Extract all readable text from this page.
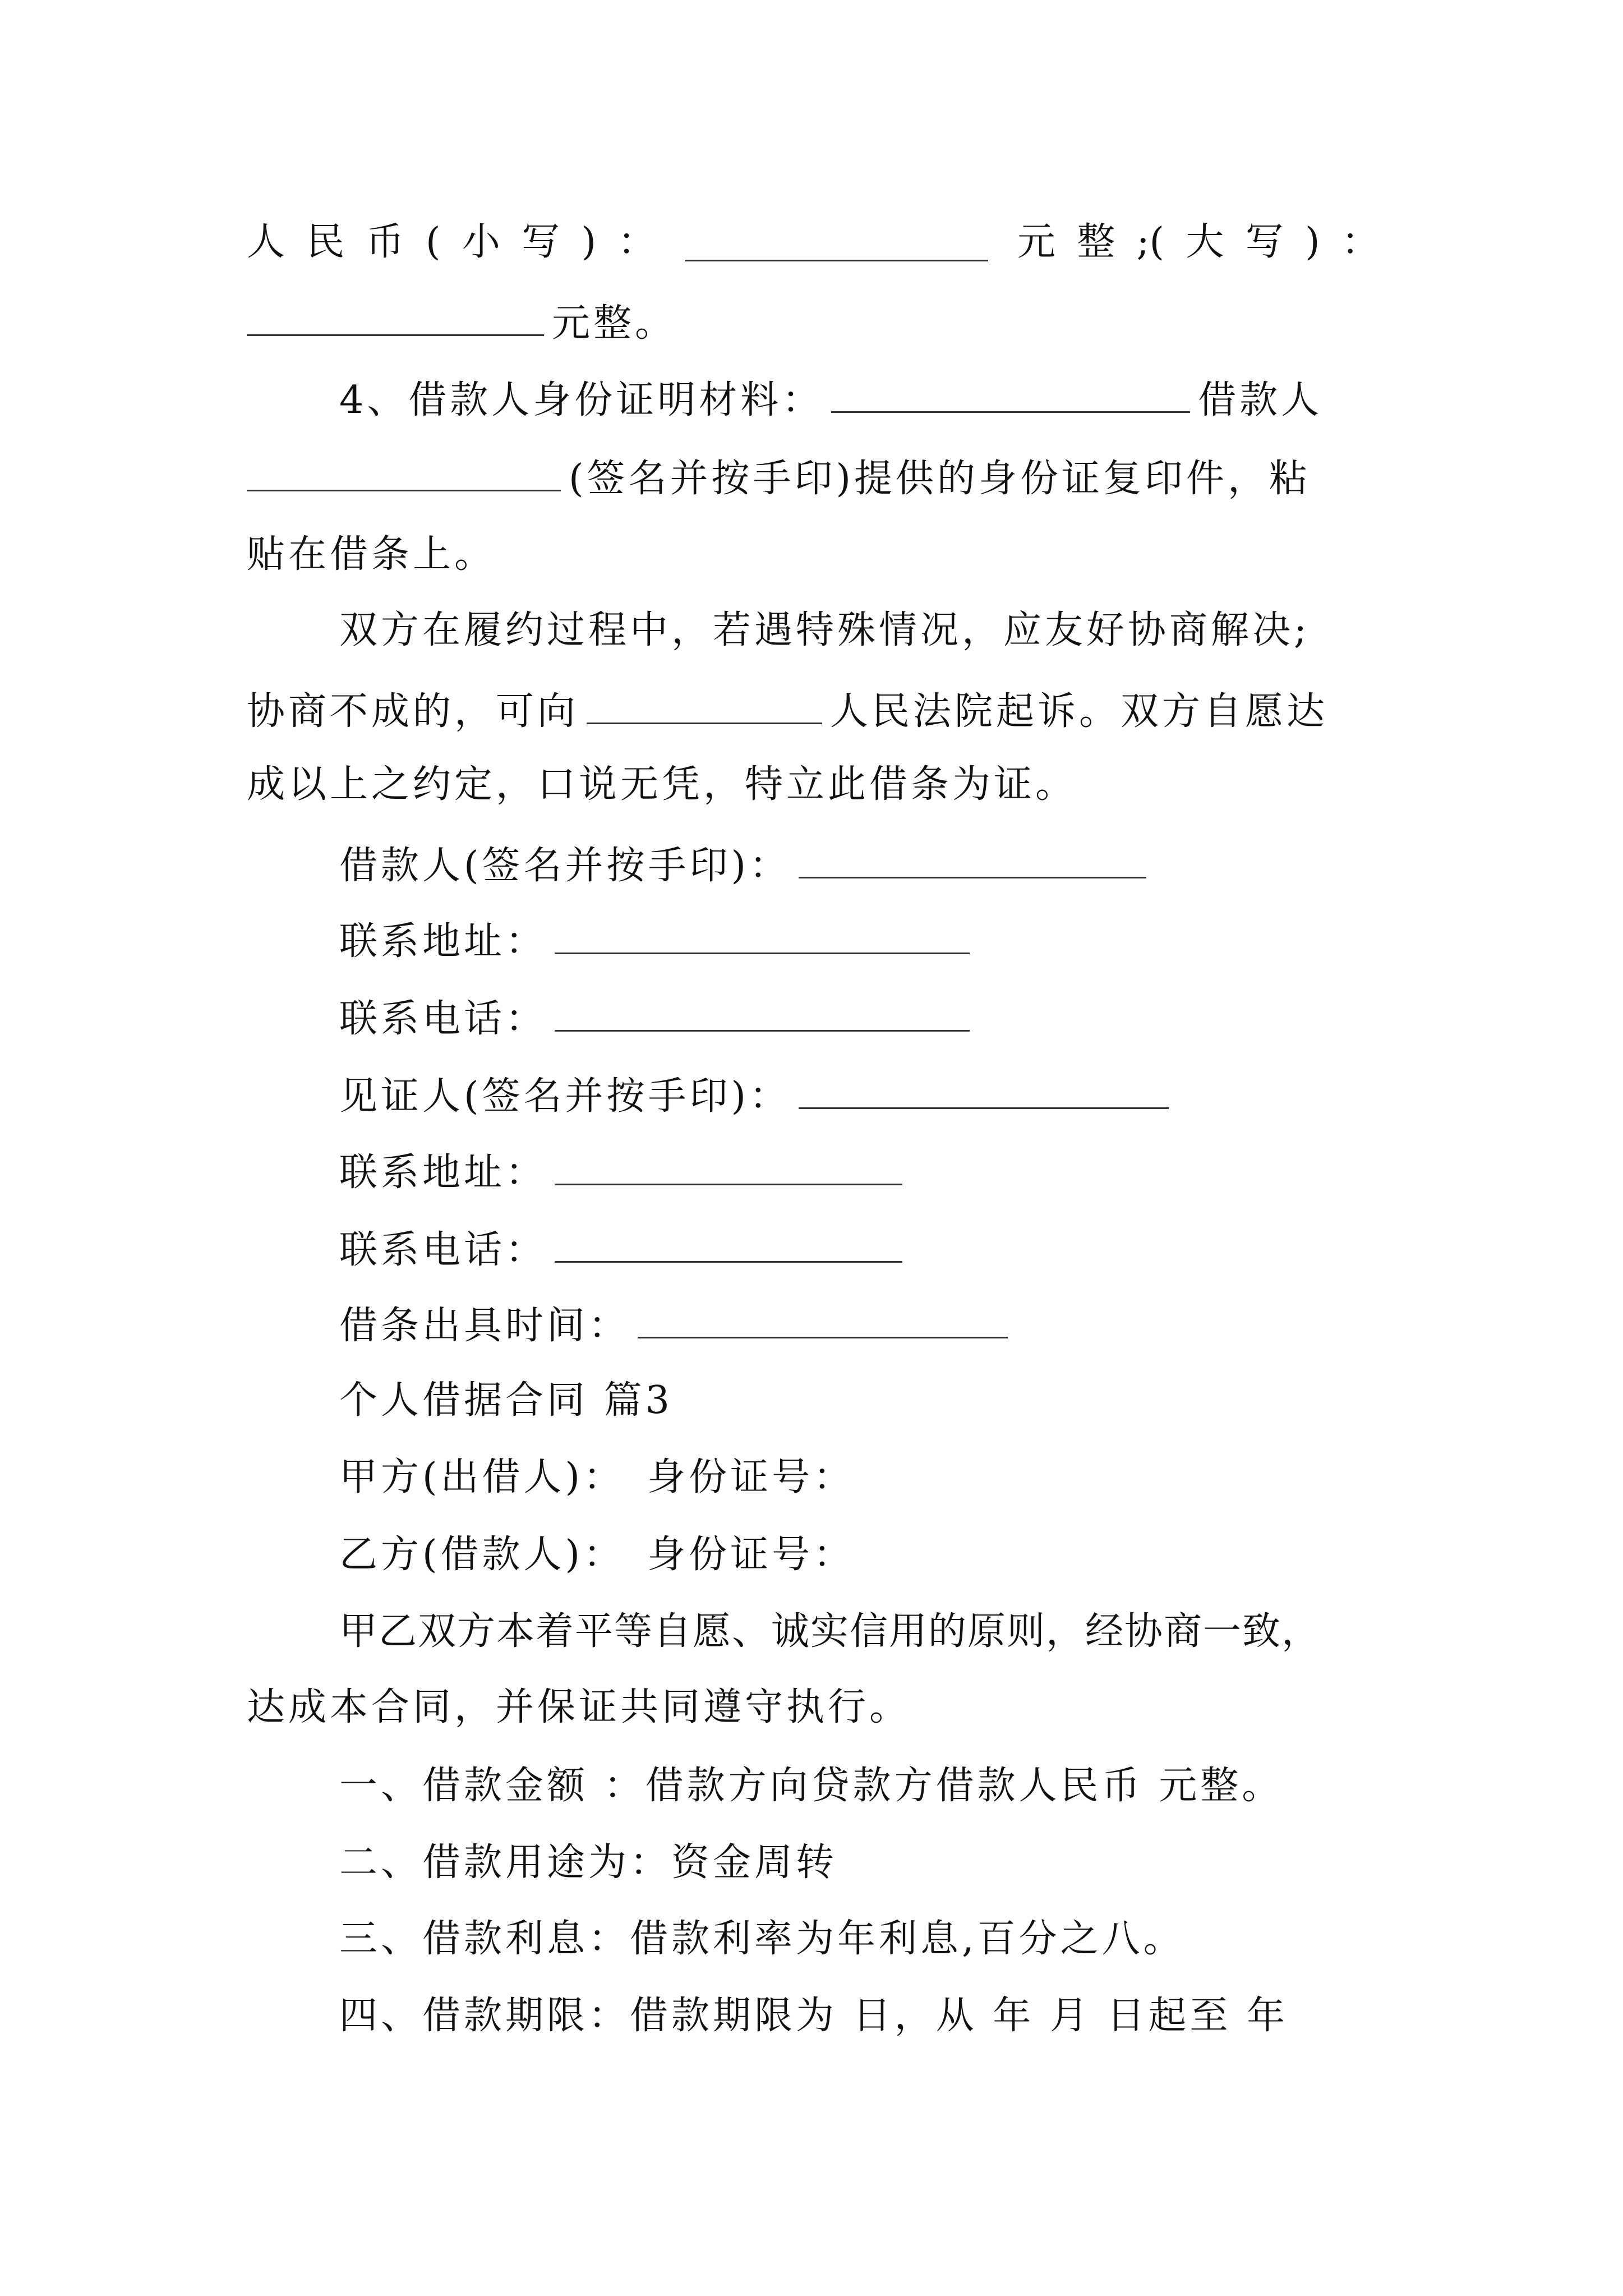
人 民 币 ( 小 写 ) ：	元 整 ;( 大 写 ) ：
元整。
4、借款人身份证明材料：	借款人
(签名并按手印)提供的身份证复印件，粘
贴在借条上。
双方在履约过程中，若遇特殊情况，应友好协商解决;
协商不成的，可向	人民法院起诉。双方自愿达
成以上之约定，口说无凭，特立此借条为证。
借款人(签名并按手印)：
联系地址：
联系电话：
见证人(签名并按手印)：
联系地址：
联系电话：
借条出具时间：
个人借据合同 篇3
甲方(出借人)： 身份证号：
乙方(借款人)： 身份证号：
甲乙双方本着平等自愿、诚实信用的原则，经协商一致，
达成本合同，并保证共同遵守执行。
一、借款金额 ：借款方向贷款方借款人民币 元整。
二、借款用途为：资金周转
三、借款利息：借款利率为年利息,百分之八。
四、借款期限：借款期限为 日，从 年 月 日起至 年
